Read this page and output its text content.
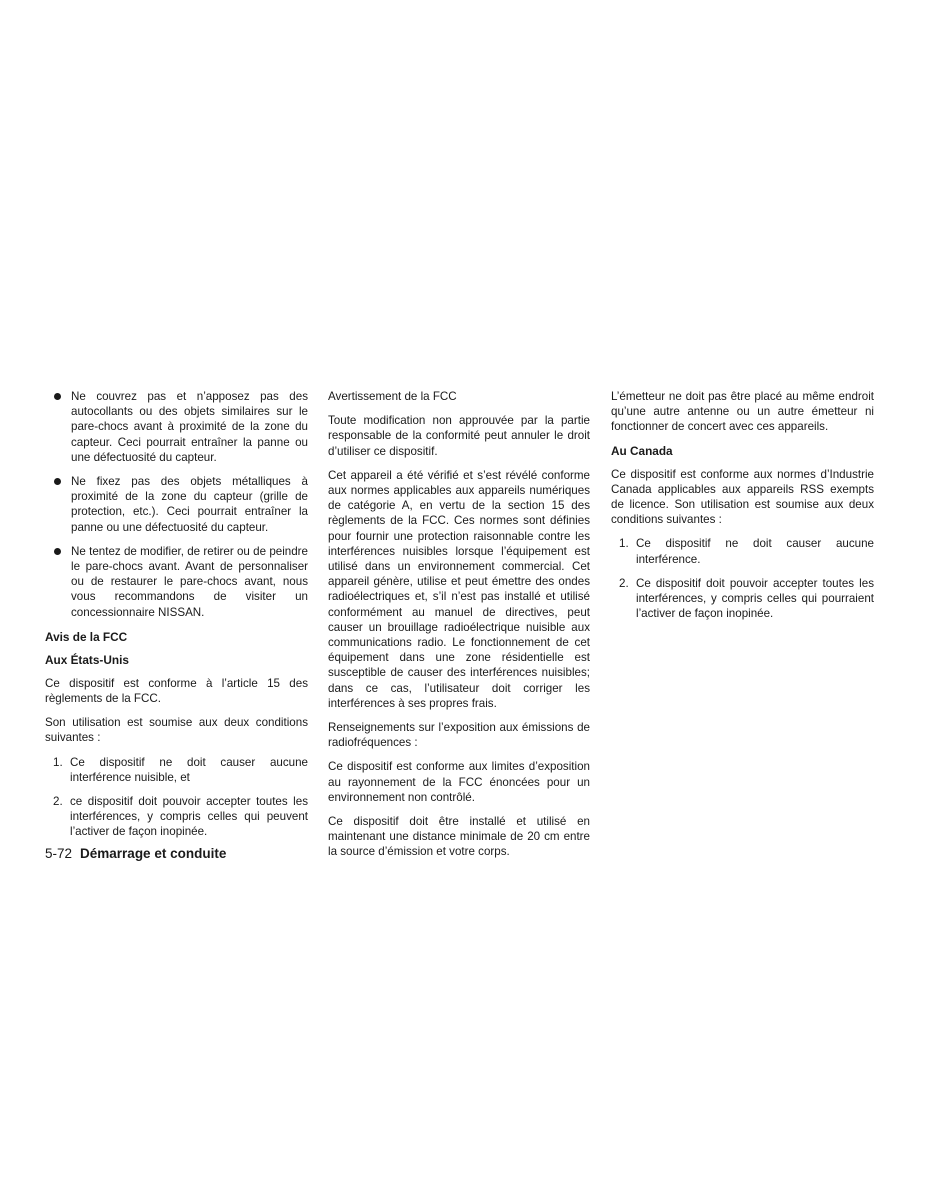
Ne couvrez pas et n’apposez pas des autocollants ou des objets similaires sur le pare-chocs avant à proximité de la zone du capteur. Ceci pourrait entraîner la panne ou une défectuosité du capteur.
Ne fixez pas des objets métalliques à proximité de la zone du capteur (grille de protection, etc.). Ceci pourrait entraîner la panne ou une défectuosité du capteur.
Ne tentez de modifier, de retirer ou de peindre le pare-chocs avant. Avant de personnaliser ou de restaurer le pare-chocs avant, nous vous recommandons de visiter un concessionnaire NISSAN.
Avis de la FCC
Aux États-Unis

Ce dispositif est conforme à l’article 15 des règlements de la FCC.

Son utilisation est soumise aux deux conditions suivantes :

1. Ce dispositif ne doit causer aucune interférence nuisible, et
2. ce dispositif doit pouvoir accepter toutes les interférences, y compris celles qui peuvent l’activer de façon inopinée.

Avertissement de la FCC

Toute modification non approuvée par la partie responsable de la conformité peut annuler le droit d’utiliser ce dispositif.

Cet appareil a été vérifié et s’est révélé conforme aux normes applicables aux appareils numériques de catégorie A, en vertu de la section 15 des règlements de la FCC. Ces normes sont définies pour fournir une protection raisonnable contre les interférences nuisibles lorsque l’équipement est utilisé dans un environnement commercial. Cet appareil génère, utilise et peut émettre des ondes radioélectriques et, s’il n’est pas installé et utilisé conformément au manuel de directives, peut causer un brouillage radioélectrique nuisible aux communications radio. Le fonctionnement de cet équipement dans une zone résidentielle est susceptible de causer des interférences nuisibles; dans ce cas, l’utilisateur doit corriger les interférences à ses propres frais.

Renseignements sur l’exposition aux émissions de radiofréquences :

Ce dispositif est conforme aux limites d’exposition au rayonnement de la FCC énoncées pour un environnement non contrôlé.

Ce dispositif doit être installé et utilisé en maintenant une distance minimale de 20 cm entre la source d’émission et votre corps.

L’émetteur ne doit pas être placé au même endroit qu’une autre antenne ou un autre émetteur ni fonctionner de concert avec ces appareils.

Au Canada

Ce dispositif est conforme aux normes d’Industrie Canada applicables aux appareils RSS exempts de licence. Son utilisation est soumise aux deux conditions suivantes :

1. Ce dispositif ne doit causer aucune interférence.
2. Ce dispositif doit pouvoir accepter toutes les interférences, y compris celles qui pourraient l’activer de façon inopinée.
5-72 Démarrage et conduite
